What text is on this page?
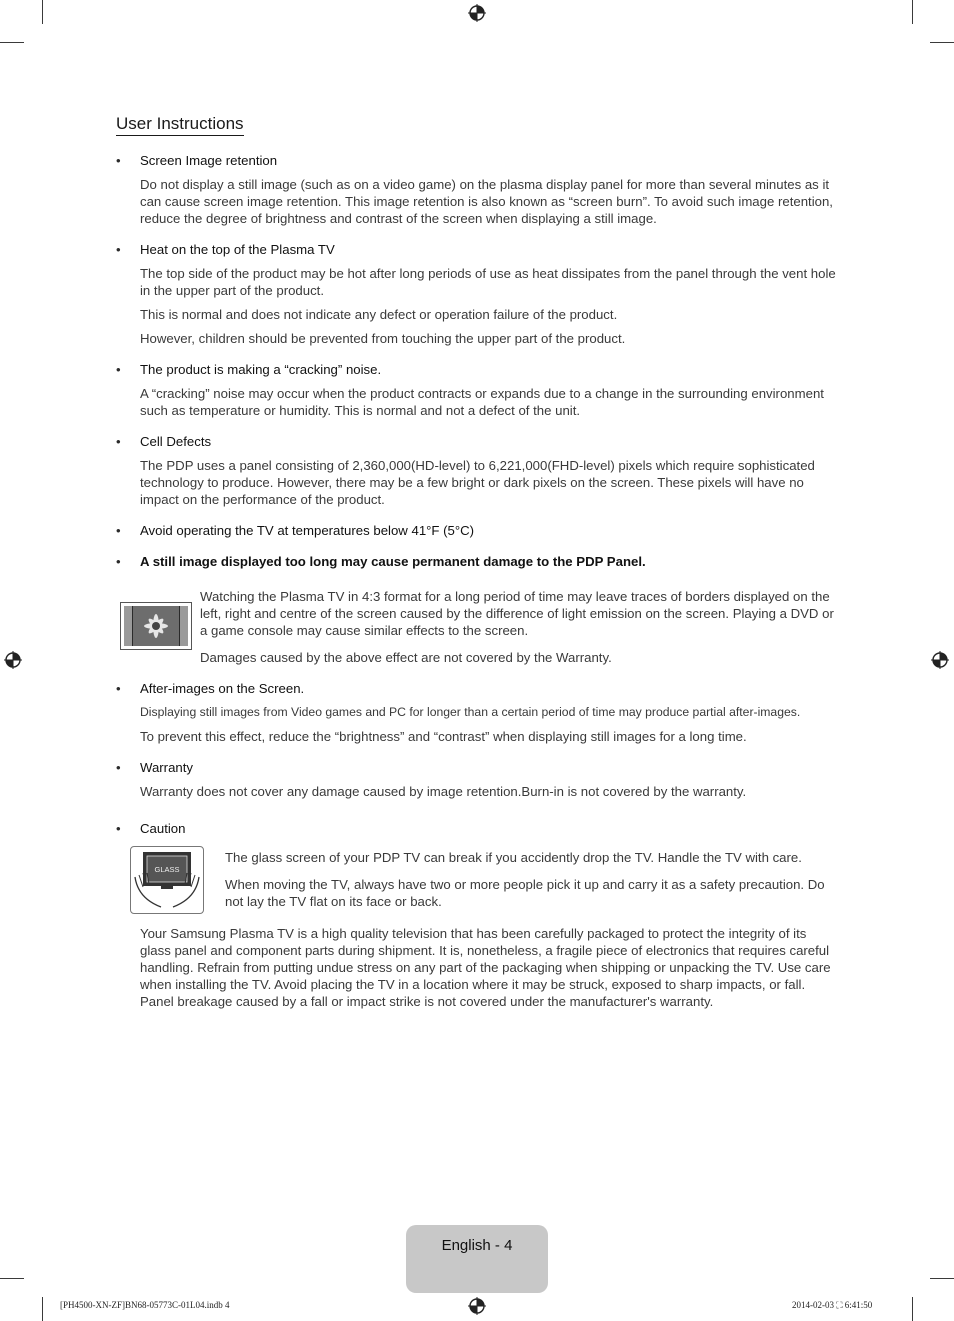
User Instructions
• Screen Image retention

Do not display a still image (such as on a video game) on the plasma display panel for more than several minutes as it can cause screen image retention. This image retention is also known as “screen burn”. To avoid such image retention, reduce the degree of brightness and contrast of the screen when displaying a still image.

• Heat on the top of the Plasma TV

The top side of the product may be hot after long periods of use as heat dissipates from the panel through the vent hole in the upper part of the product.

This is normal and does not indicate any defect or operation failure of the product.

However, children should be prevented from touching the upper part of the product.

• The product is making a “cracking” noise.

A “cracking” noise may occur when the product contracts or expands due to a change in the surrounding environment such as temperature or humidity. This is normal and not a defect of the unit.

• Cell Defects

The PDP uses a panel consisting of 2,360,000(HD-level) to 6,221,000(FHD-level) pixels which require sophisticated technology to produce. However, there may be a few bright or dark pixels on the screen. These pixels will have no impact on the performance of the product.

• Avoid operating the TV at temperatures below 41°F (5°C)
• A still image displayed too long may cause permanent damage to the PDP Panel.

Watching the Plasma TV in 4:3 format for a long period of time may leave traces of borders displayed on the left, right and centre of the screen caused by the difference of light emission on the screen. Playing a DVD or a game console may cause similar effects to the screen.

Damages caused by the above effect are not covered by the Warranty.

• After-images on the Screen.

Displaying still images from Video games and PC for longer than a certain period of time may produce partial after-images.

To prevent this effect, reduce the “brightness” and “contrast” when displaying still images for a long time.

• Warranty

Warranty does not cover any damage caused by image retention.Burn-in is not covered by the warranty.

• Caution
GLASS

The glass screen of your PDP TV can break if you accidently drop the TV. Handle the TV with care.

When moving the TV, always have two or more people pick it up and carry it as a safety precaution. Do not lay the TV flat on its face or back.

Your Samsung Plasma TV is a high quality television that has been carefully packaged to protect the integrity of its glass panel and component parts during shipment. It is, nonetheless, a fragile piece of electronics that requires careful handling. Refrain from putting undue stress on any part of the packaging when shipping or unpacking the TV. Use care when installing the TV. Avoid placing the TV in a location where it may be struck, exposed to sharp impacts, or fall. Panel breakage caused by a fall or impact strike is not covered under the manufacturer's warranty.

English - 4
[PH4500-XN-ZF]BN68-05773C-01L04.indb 4	2014-02-03 ⛶ 6:41:50
